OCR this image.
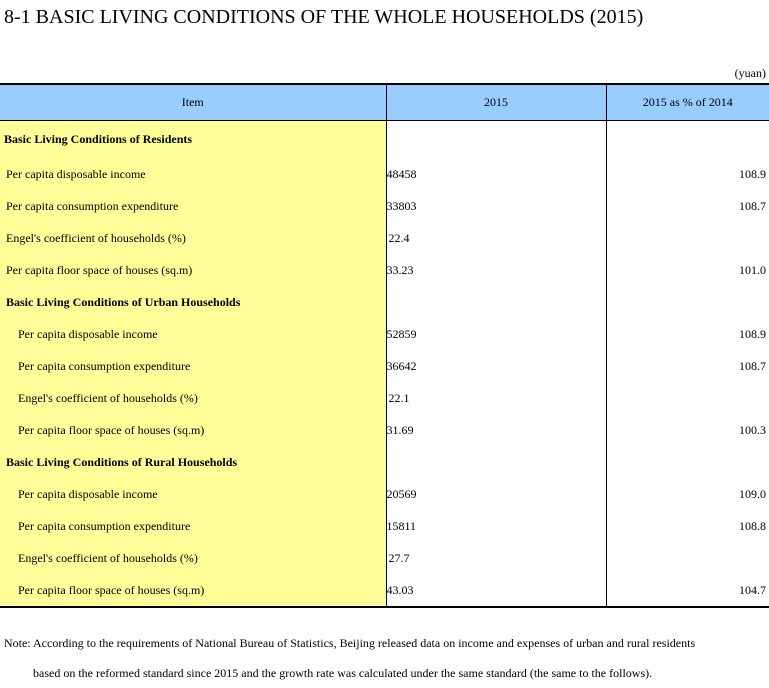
8-1 BASIC LIVING CONDITIONS OF THE WHOLE HOUSEHOLDS (2015)
(yuan)
Item	2015	2015 as % of 2014
Basic Living Conditions of Residents		
Per capita disposable income	48458	108.9
Per capita consumption expenditure	33803	108.7
Engel's coefficient of households (%)	22.4	
Per capita floor space of houses (sq.m)	33.23	101.0
Basic Living Conditions of Urban Households		
Per capita disposable income	52859	108.9
Per capita consumption expenditure	36642	108.7
Engel's coefficient of households (%)	22.1	
Per capita floor space of houses (sq.m)	31.69	100.3
Basic Living Conditions of Rural Households		
Per capita disposable income	20569	109.0
Per capita consumption expenditure	15811	108.8
Engel's coefficient of households (%)	27.7	
Per capita floor space of houses (sq.m)	43.03	104.7
Note: According to the requirements of National Bureau of Statistics, Beijing released data on income and expenses of urban and rural residents
based on the reformed standard since 2015 and the growth rate was calculated under the same standard (the same to the follows).
